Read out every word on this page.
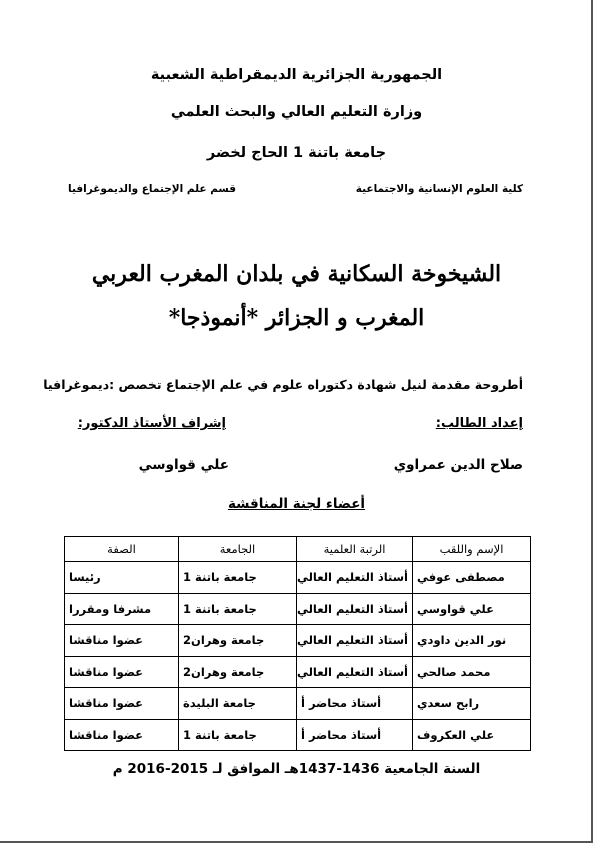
الجمهورية الجزائرية الديمقراطية الشعبية
وزارة التعليم العالي والبحث العلمي
جامعة باتنة 1 الحاج لخضر
كلية العلوم الإنسانية والاجتماعية
قسم علم الإجتماع والديموغرافيا
الشيخوخة السكانية في بلدان المغرب العربي
المغرب و الجزائر *أنموذجا*
أطروحة مقدمة لنيل شهادة دكتوراه علوم في علم الإجتماع تخصص :ديموغرافيا
إعداد الطالب:
إشراف الأستاذ الدكتور:
صلاح الدين عمراوي
علي قواوسي
أعضاء لجنة المناقشة
الإسم واللقب	الرتبة العلمية	الجامعة	الصفة
مصطفى عوفي	أستاذ التعليم العالي	جامعة باتنة 1	رئيسا
علي قواوسي	أستاذ التعليم العالي	جامعة باتنة 1	مشرفا ومقررا
نور الدين داودي	أستاذ التعليم العالي	جامعة وهران2	عضوا مناقشا
محمد صالحي	أستاذ التعليم العالي	جامعة وهران2	عضوا مناقشا
رابح سعدي	أستاذ محاضر أ	جامعة البليدة	عضوا مناقشا
علي العكروف	أستاذ محاضر أ	جامعة باتنة 1	عضوا مناقشا
السنة الجامعية 1436-1437هـ الموافق لـ 2015-2016 م
